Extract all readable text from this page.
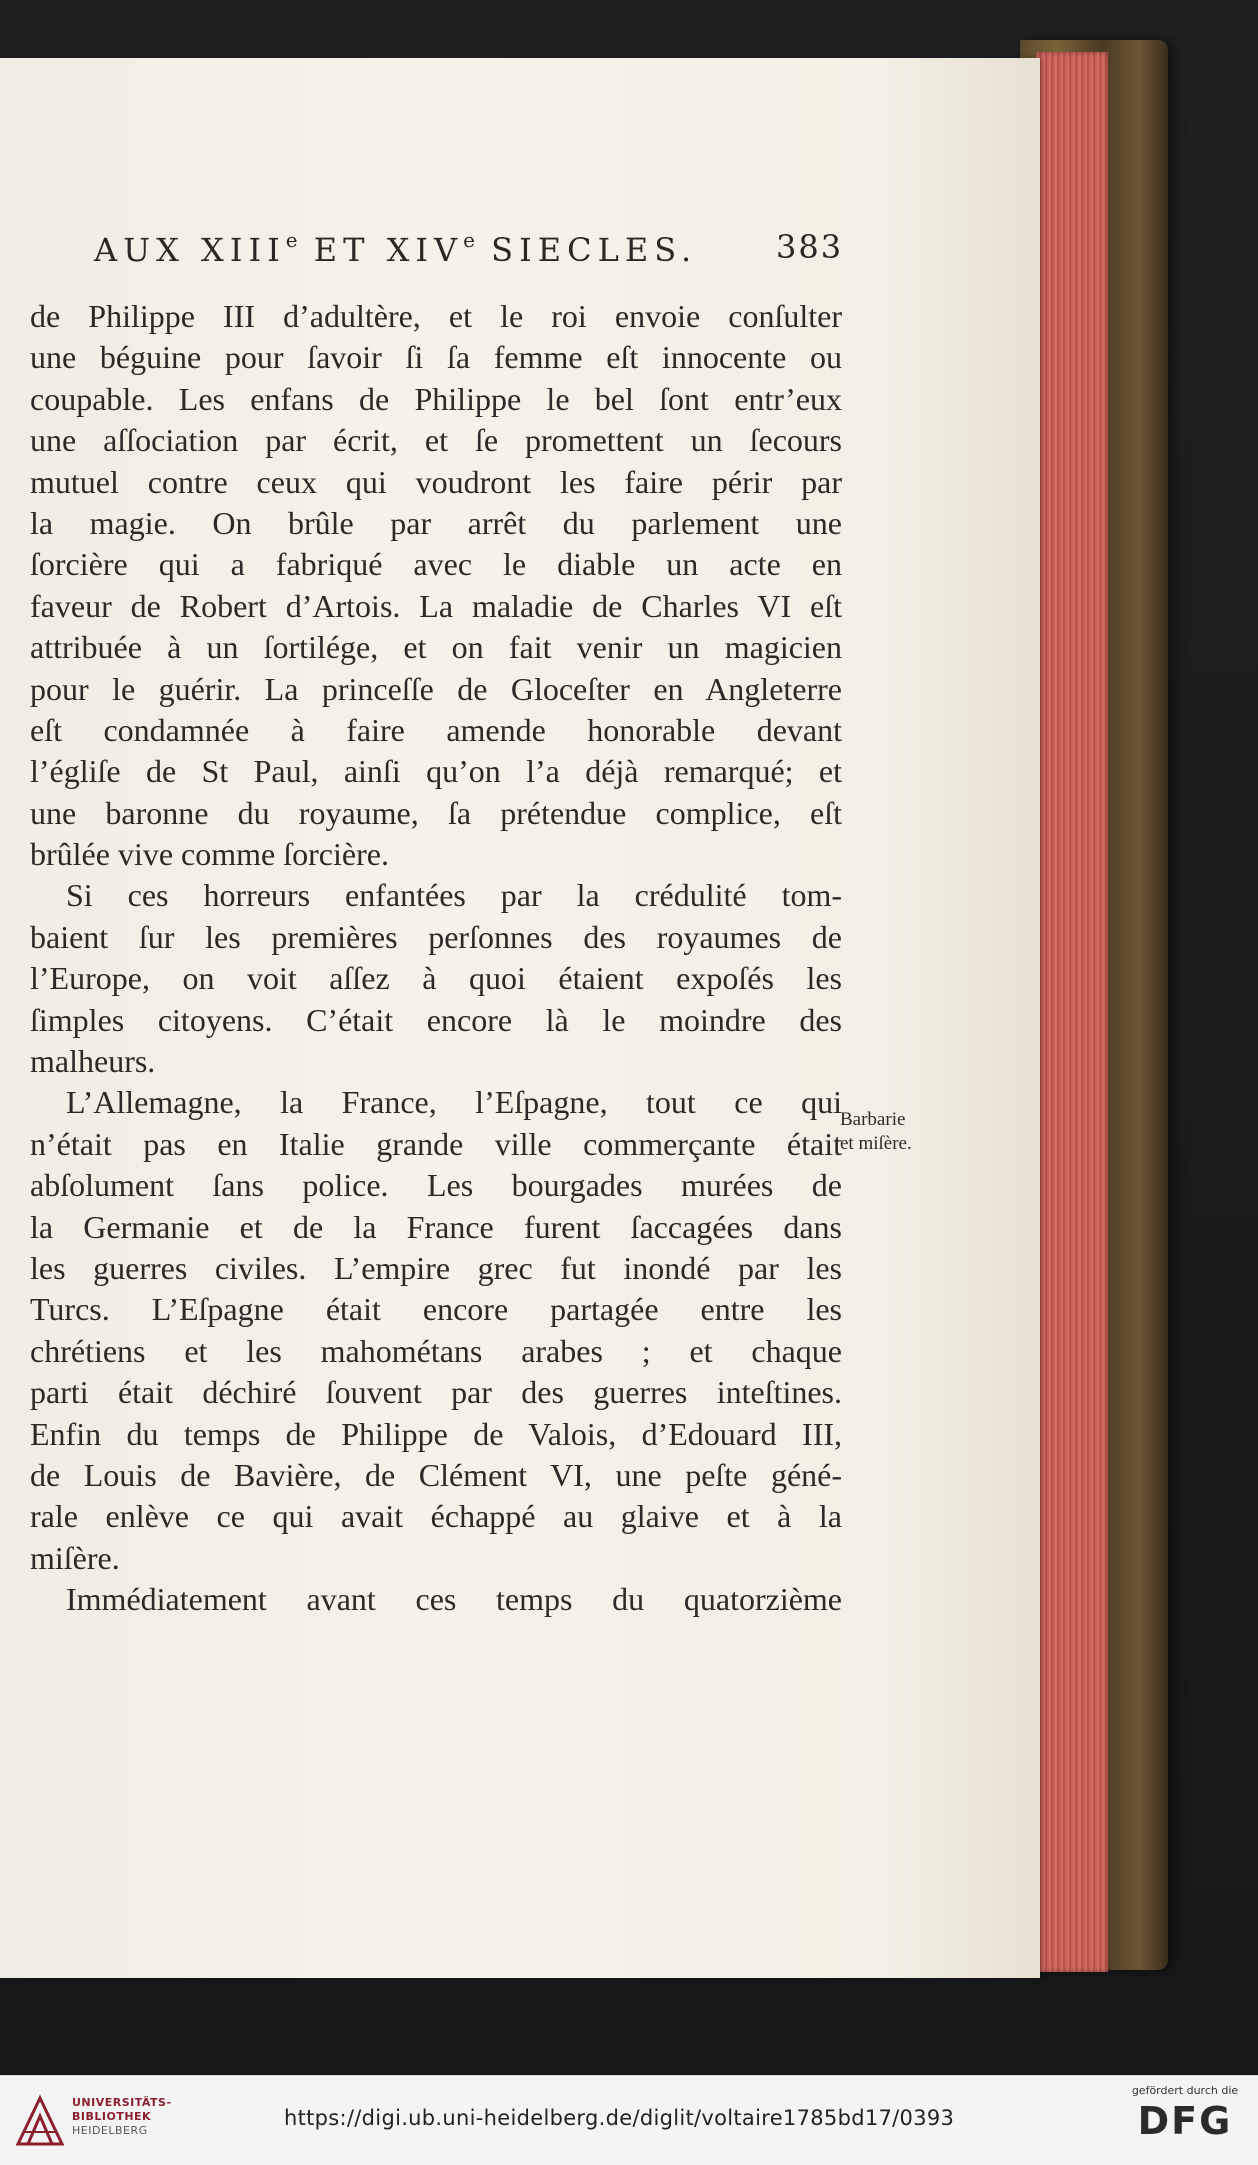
AUX XIIIe ET XIVe SIECLES. 383
de Philippe III d’adultère, et le roi envoie conſulter
une béguine pour ſavoir ſi ſa femme eſt innocente ou
coupable. Les enfans de Philippe le bel ſont entr’eux
une aſſociation par écrit, et ſe promettent un ſecours
mutuel contre ceux qui voudront les faire périr par
la magie. On brûle par arrêt du parlement une
ſorcière qui a fabriqué avec le diable un acte en
faveur de Robert d’Artois. La maladie de Charles VI eſt
attribuée à un ſortilége, et on fait venir un magicien
pour le guérir. La princeſſe de Gloceſter en Angleterre
eſt condamnée à faire amende honorable devant
l’égliſe de St Paul, ainſi qu’on l’a déjà remarqué; et
une baronne du royaume, ſa prétendue complice, eſt
brûlée vive comme ſorcière.
Si ces horreurs enfantées par la crédulité tom-
baient ſur les premières perſonnes des royaumes de
l’Europe, on voit aſſez à quoi étaient expoſés les
ſimples citoyens. C’était encore là le moindre des
malheurs.
L’Allemagne, la France, l’Eſpagne, tout ce qui
n’était pas en Italie grande ville commerçante était
abſolument ſans police. Les bourgades murées de
la Germanie et de la France furent ſaccagées dans
les guerres civiles. L’empire grec fut inondé par les
Turcs. L’Eſpagne était encore partagée entre les
chrétiens et les mahométans arabes ; et chaque
parti était déchiré ſouvent par des guerres inteſtines.
Enfin du temps de Philippe de Valois, d’Edouard III,
de Louis de Bavière, de Clément VI, une peſte géné-
rale enlève ce qui avait échappé au glaive et à la
miſère.
Immédiatement avant ces temps du quatorzième
Barbarie
et miſère.
UNIVERSITÄTS-
BIBLIOTHEK
HEIDELBERG
https://digi.ub.uni-heidelberg.de/diglit/voltaire1785bd17/0393
gefördert durch die
DFG
